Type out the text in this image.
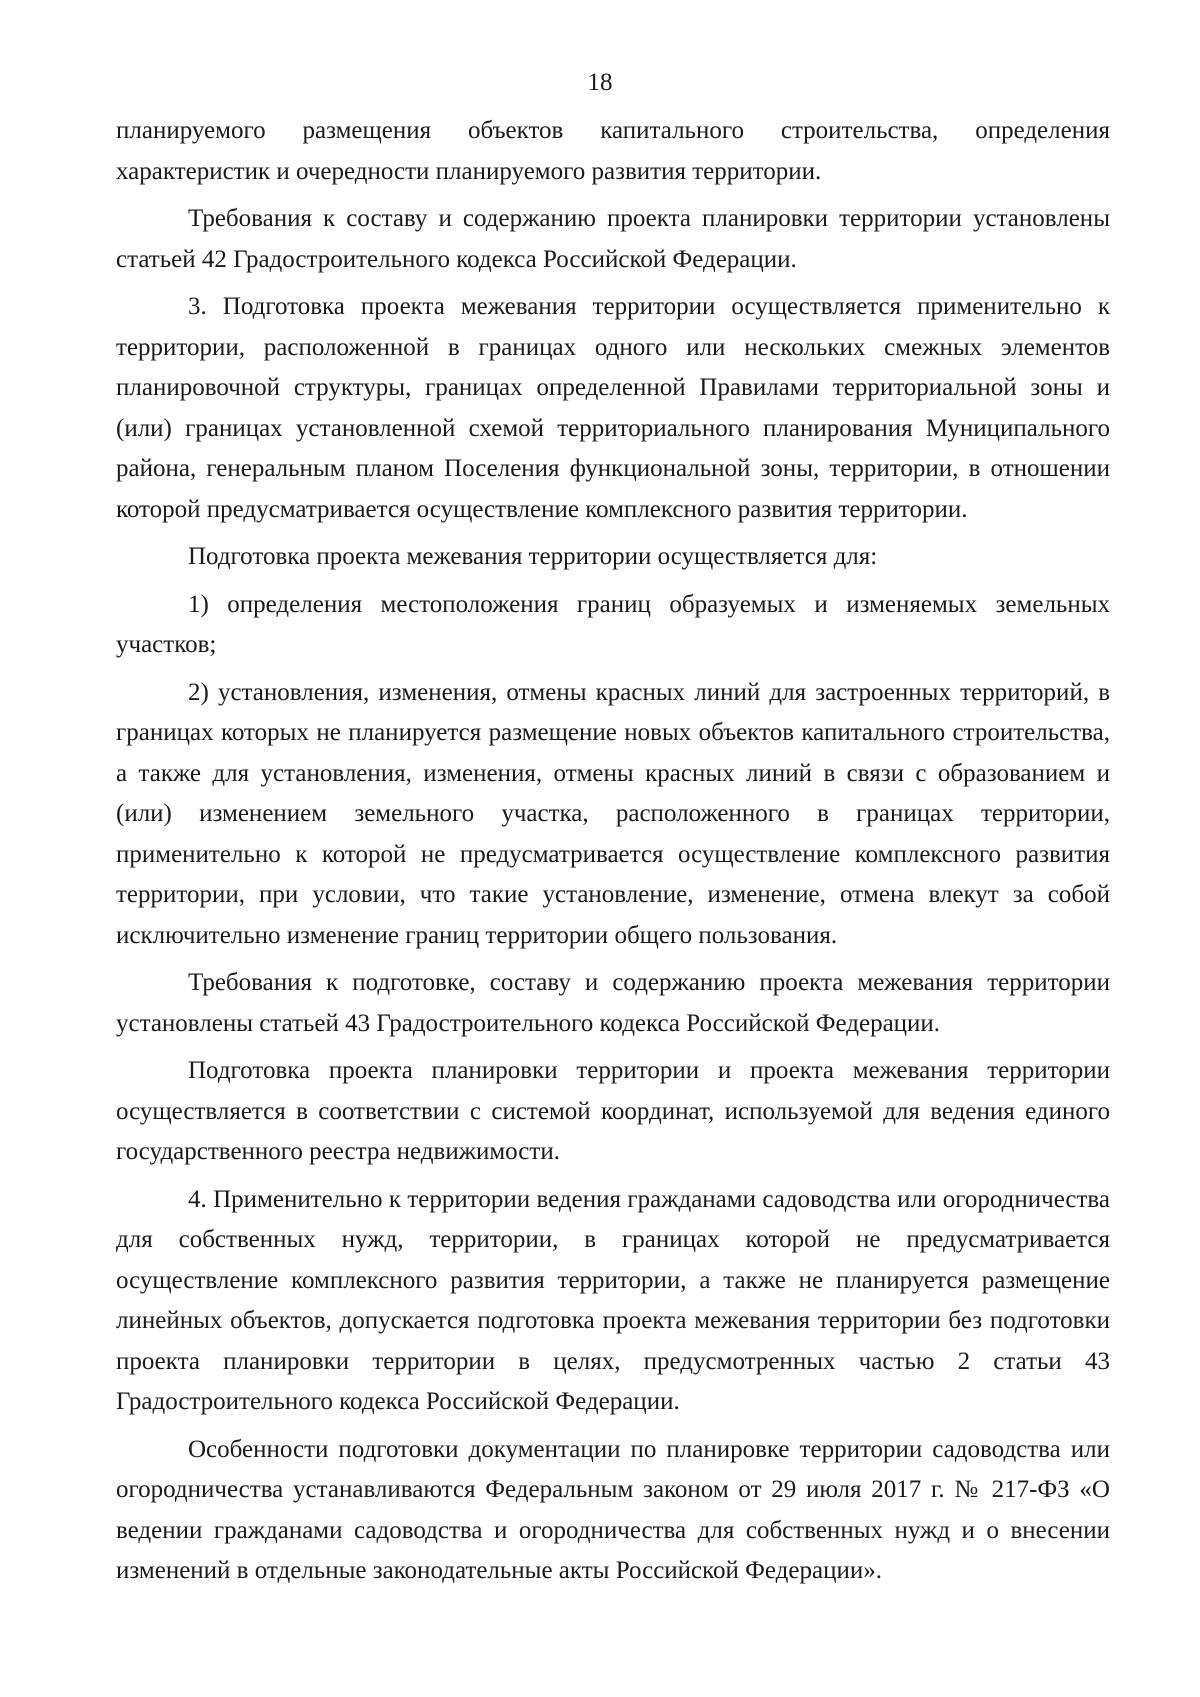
18

планируемого размещения объектов капитального строительства, определения характеристик и очередности планируемого развития территории.

Требования к составу и содержанию проекта планировки территории установлены статьей 42 Градостроительного кодекса Российской Федерации.

3. Подготовка проекта межевания территории осуществляется применительно к территории, расположенной в границах одного или нескольких смежных элементов планировочной структуры, границах определенной Правилами территориальной зоны и (или) границах установленной схемой территориального планирования Муниципального района, генеральным планом Поселения функциональной зоны, территории, в отношении которой предусматривается осуществление комплексного развития территории.

Подготовка проекта межевания территории осуществляется для:

1) определения местоположения границ образуемых и изменяемых земельных участков;

2) установления, изменения, отмены красных линий для застроенных территорий, в границах которых не планируется размещение новых объектов капитального строительства, а также для установления, изменения, отмены красных линий в связи с образованием и (или) изменением земельного участка, расположенного в границах территории, применительно к которой не предусматривается осуществление комплексного развития территории, при условии, что такие установление, изменение, отмена влекут за собой исключительно изменение границ территории общего пользования.

Требования к подготовке, составу и содержанию проекта межевания территории установлены статьей 43 Градостроительного кодекса Российской Федерации.

Подготовка проекта планировки территории и проекта межевания территории осуществляется в соответствии с системой координат, используемой для ведения единого государственного реестра недвижимости.

4. Применительно к территории ведения гражданами садоводства или огородничества для собственных нужд, территории, в границах которой не предусматривается осуществление комплексного развития территории, а также не планируется размещение линейных объектов, допускается подготовка проекта межевания территории без подготовки проекта планировки территории в целях, предусмотренных частью 2 статьи 43 Градостроительного кодекса Российской Федерации.

Особенности подготовки документации по планировке территории садоводства или огородничества устанавливаются Федеральным законом от 29 июля 2017 г. № 217-ФЗ «О ведении гражданами садоводства и огородничества для собственных нужд и о внесении изменений в отдельные законодательные акты Российской Федерации».
